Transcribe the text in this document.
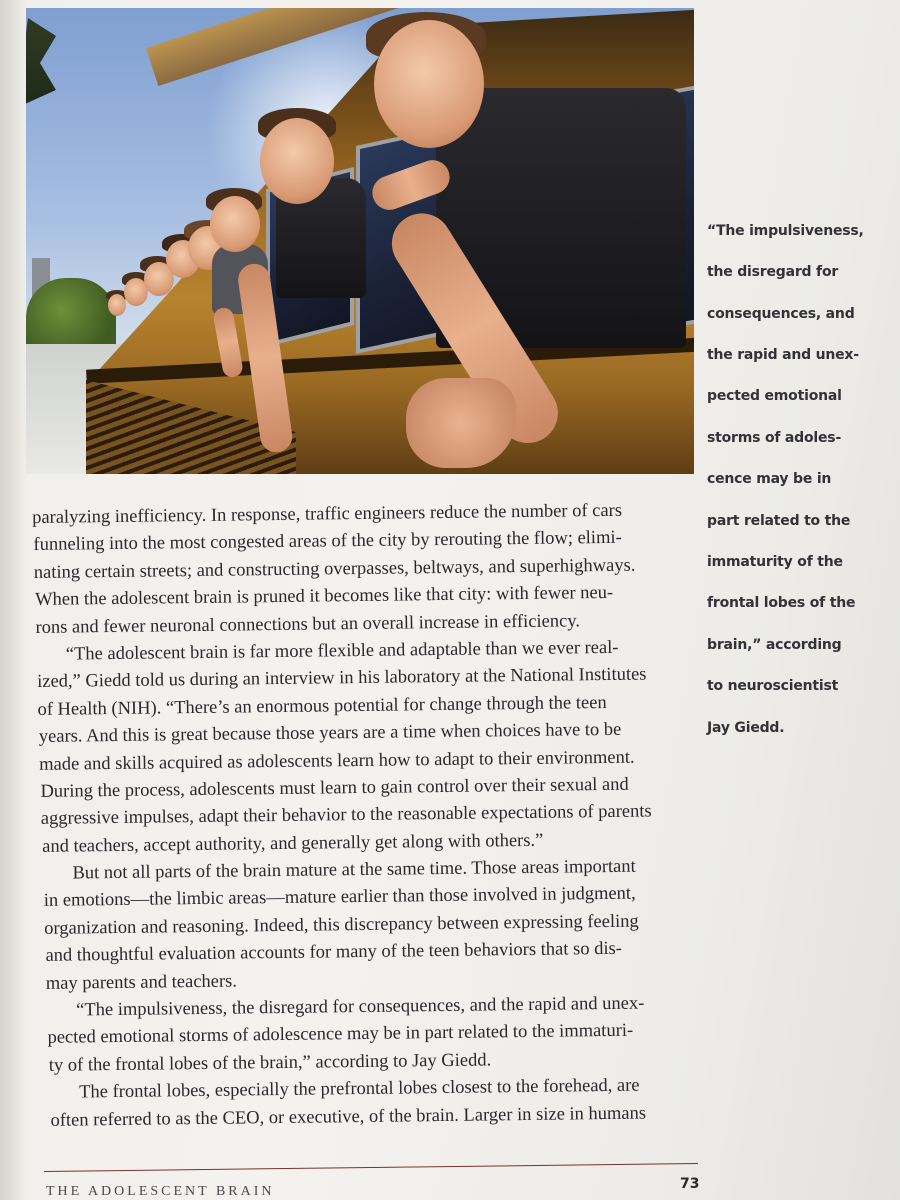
“The impulsiveness,

the disregard for

consequences, and

the rapid and unex-

pected emotional

storms of adoles-

cence may be in

part related to the

immaturity of the

frontal lobes of the

brain,” according

to neuroscientist

Jay Giedd.

paralyzing inefficiency. In response, traffic engineers reduce the number of cars
funneling into the most congested areas of the city by rerouting the flow; elimi-
nating certain streets; and constructing overpasses, beltways, and superhighways.
When the adolescent brain is pruned it becomes like that city: with fewer neu-
rons and fewer neuronal connections but an overall increase in efficiency.
“The adolescent brain is far more flexible and adaptable than we ever real-
ized,” Giedd told us during an interview in his laboratory at the National Institutes
of Health (NIH). “There’s an enormous potential for change through the teen
years. And this is great because those years are a time when choices have to be
made and skills acquired as adolescents learn how to adapt to their environment.
During the process, adolescents must learn to gain control over their sexual and
aggressive impulses, adapt their behavior to the reasonable expectations of parents
and teachers, accept authority, and generally get along with others.”
But not all parts of the brain mature at the same time. Those areas important
in emotions—the limbic areas—mature earlier than those involved in judgment,
organization and reasoning. Indeed, this discrepancy between expressing feeling
and thoughtful evaluation accounts for many of the teen behaviors that so dis-
may parents and teachers.
“The impulsiveness, the disregard for consequences, and the rapid and unex-
pected emotional storms of adolescence may be in part related to the immaturi-
ty of the frontal lobes of the brain,” according to Jay Giedd.
The frontal lobes, especially the prefrontal lobes closest to the forehead, are
often referred to as the CEO, or executive, of the brain. Larger in size in humans
THE ADOLESCENT BRAIN	73
